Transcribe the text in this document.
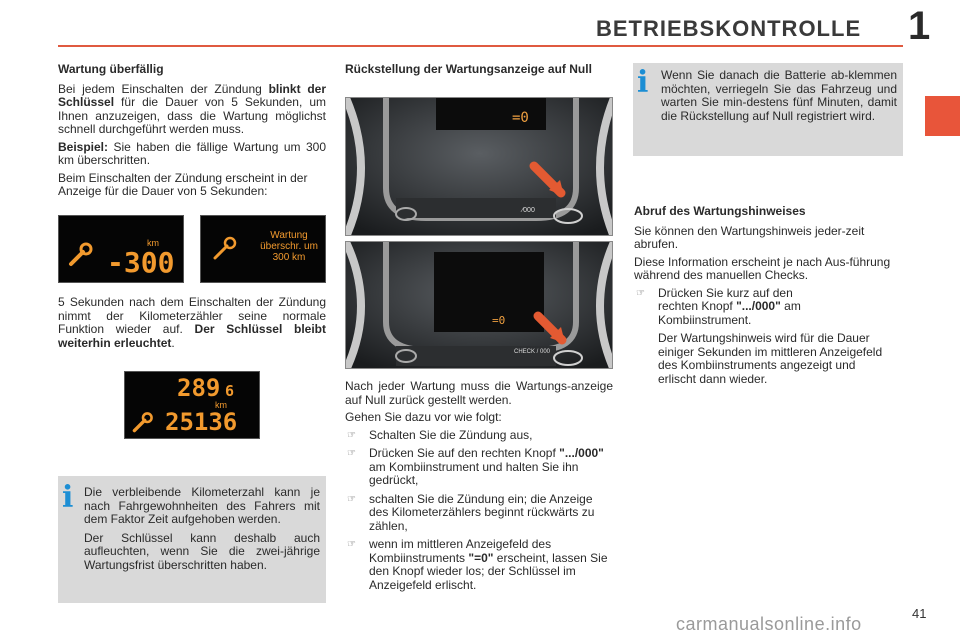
BETRIEBSKONTROLLE 1
Wartung überfällig

Bei jedem Einschalten der Zündung blinkt der Schlüssel für die Dauer von 5 Sekunden, um Ihnen anzuzeigen, dass die Wartung möglichst schnell durchgeführt werden muss.

Beispiel: Sie haben die fällige Wartung um 300 km überschritten.

Beim Einschalten der Zündung erscheint in der Anzeige für die Dauer von 5 Sekunden:

km
-300
Wartung
überschr. um
300 km

5 Sekunden nach dem Einschalten der Zündung nimmt der Kilometerzähler seine normale Funktion wieder auf. Der Schlüssel bleibt weiterhin erleuchtet.

289 6
km
25136
i Die verbleibende Kilometerzahl kann je nach Fahrgewohnheiten des Fahrers mit dem Faktor Zeit aufgehoben werden.

Der Schlüssel kann deshalb auch aufleuchten, wenn Sie die zwei-jährige Wartungsfrist überschritten haben.

Rückstellung der Wartungsanzeige auf Null
=0
∕000
=0
CHECK / 000

Nach jeder Wartung muss die Wartungs-anzeige auf Null zurück gestellt werden.

Gehen Sie dazu vor wie folgt:

☞ Schalten Sie die Zündung aus,
☞ Drücken Sie auf den rechten Knopf ".../000" am Kombiinstrument und halten Sie ihn gedrückt,
☞ schalten Sie die Zündung ein; die Anzeige des Kilometerzählers beginnt rückwärts zu zählen,
☞ wenn im mittleren Anzeigefeld des Kombiinstruments "=0" erscheint, lassen Sie den Knopf wieder los; der Schlüssel im Anzeigefeld erlischt.
i Wenn Sie danach die Batterie ab-klemmen möchten, verriegeln Sie das Fahrzeug und warten Sie min-destens fünf Minuten, damit die Rückstellung auf Null registriert wird.

Abruf des Wartungshinweises

Sie können den Wartungshinweis jeder-zeit abrufen.

Diese Information erscheint je nach Aus-führung während des manuellen Checks.

☞ Drücken Sie kurz auf den rechten Knopf ".../000" am Kombiinstrument.

Der Wartungshinweis wird für die Dauer einiger Sekunden im mittleren Anzeigefeld des Kombiinstruments angezeigt und erlischt dann wieder.

41
carmanualsonline.info
